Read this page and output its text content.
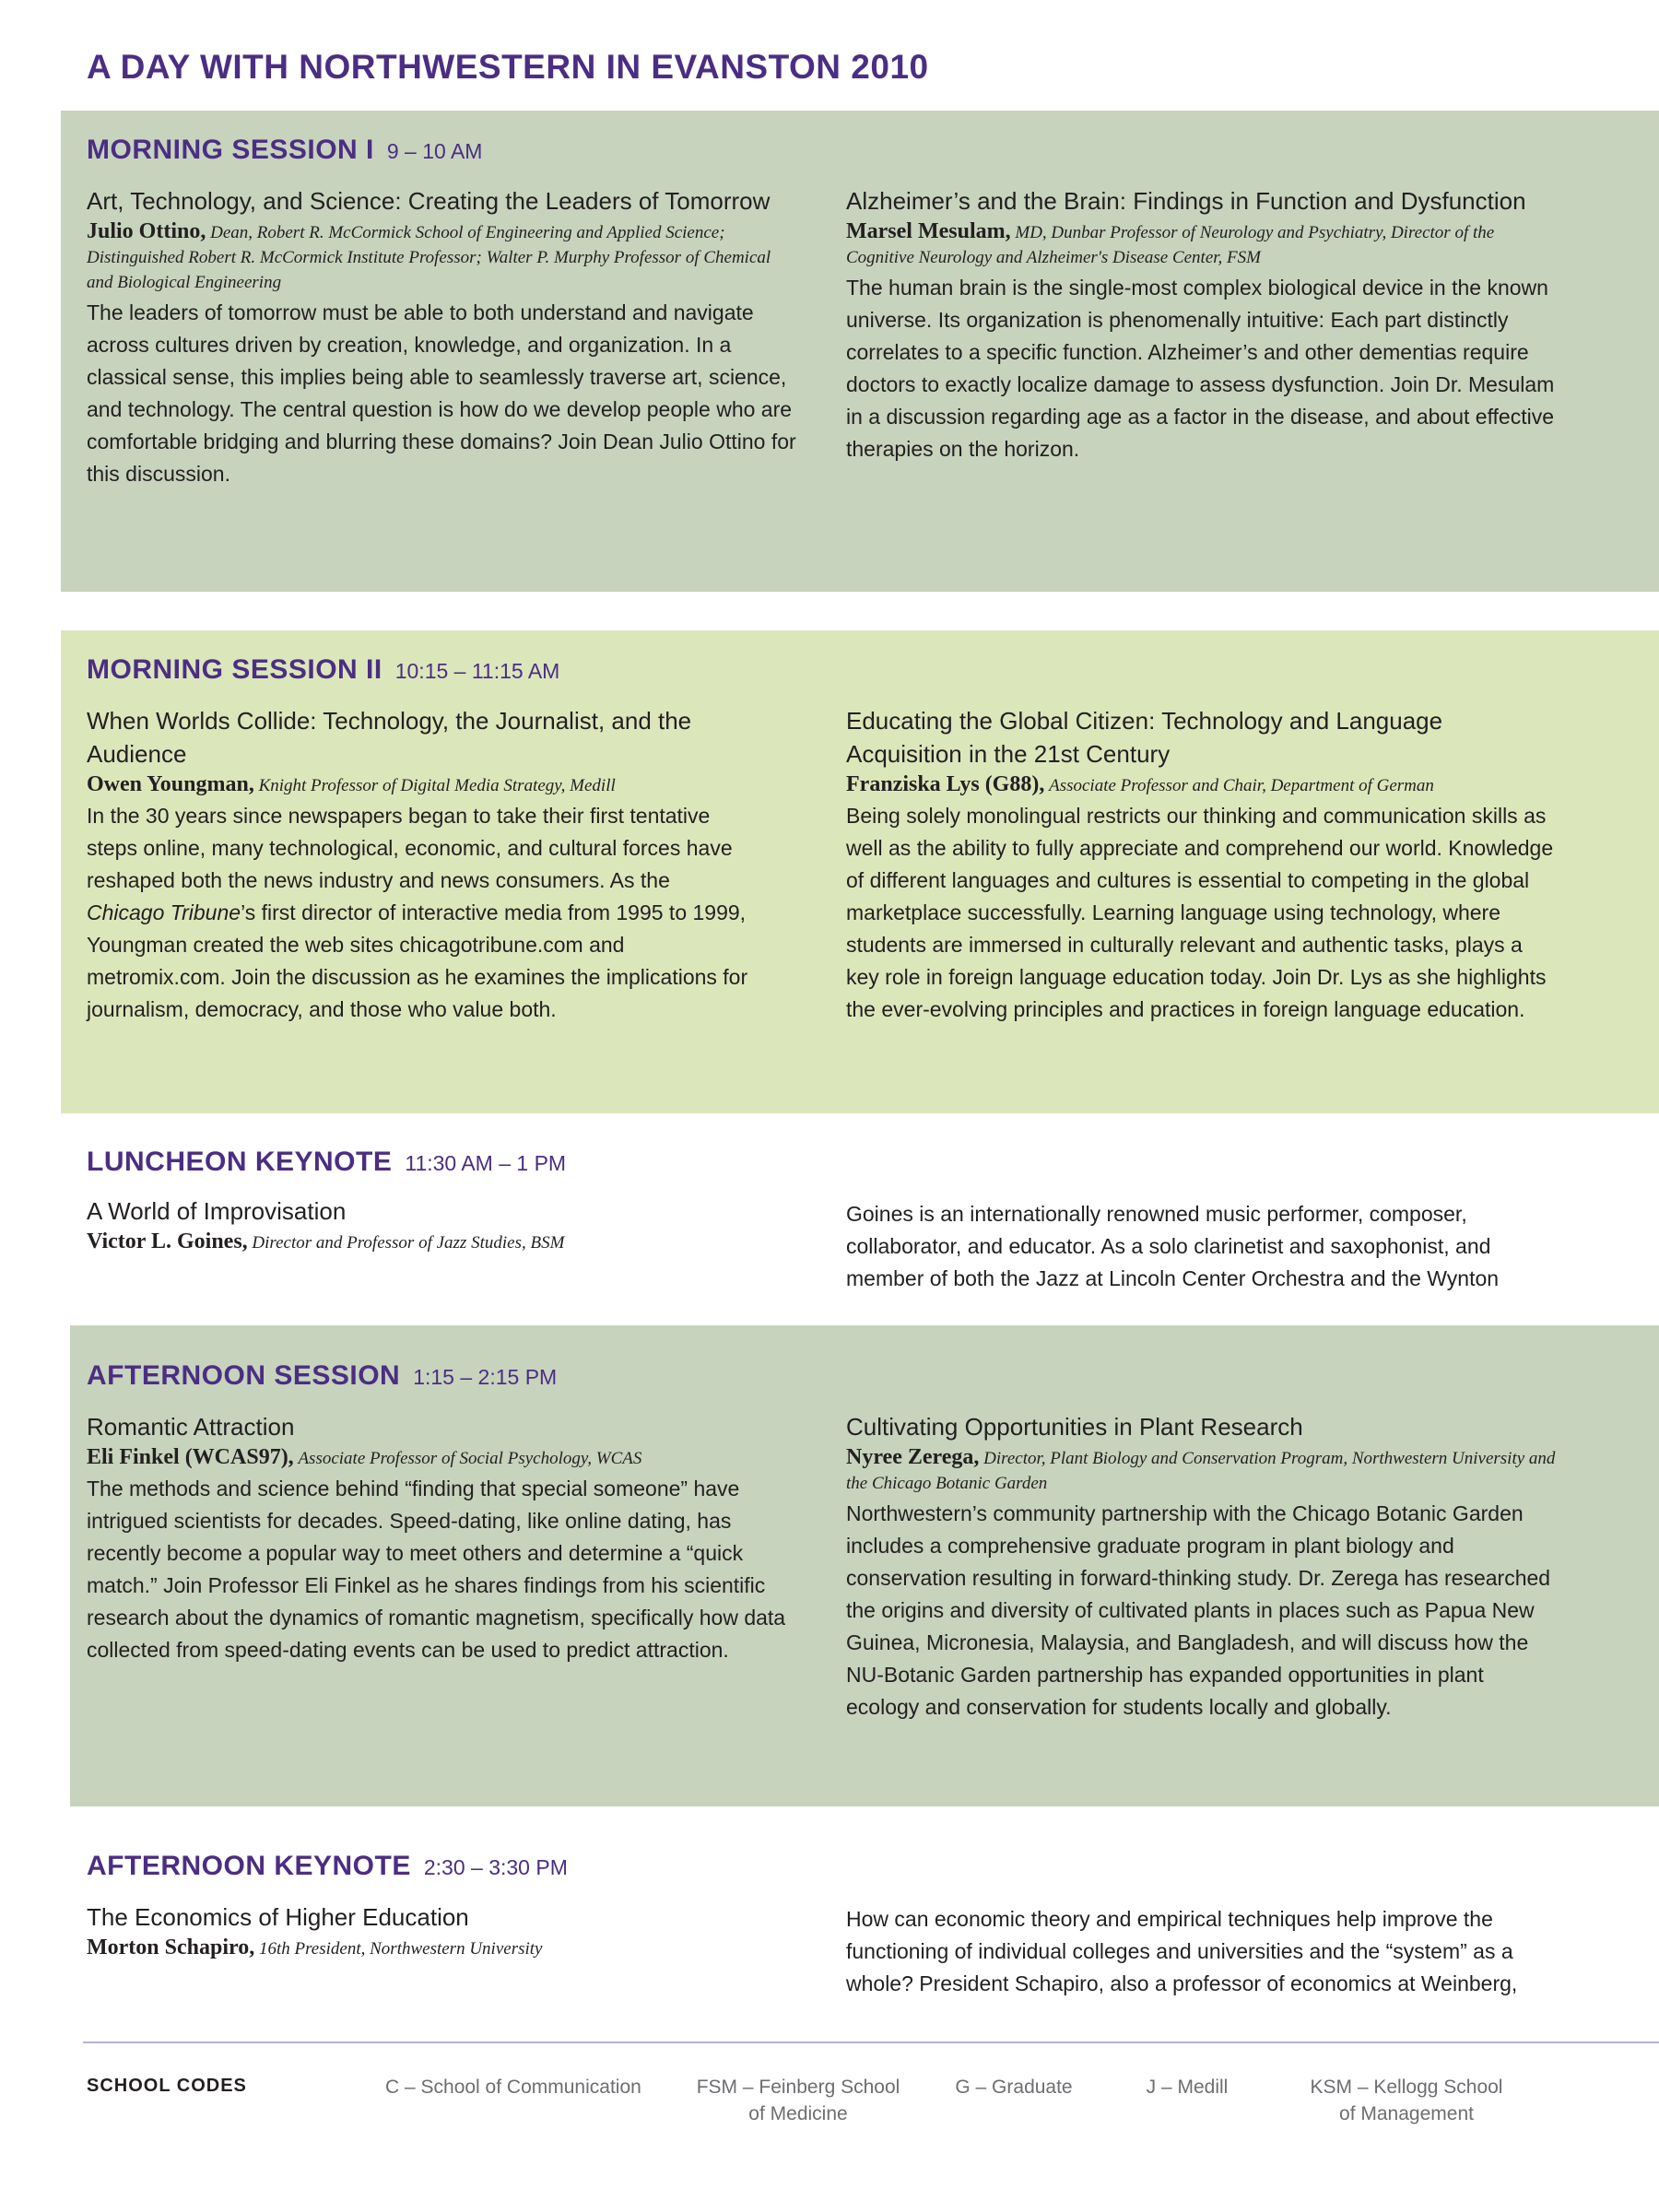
A DAY WITH NORTHWESTERN IN EVANSTON 2010
MORNING SESSION I 9 – 10 AM
Art, Technology, and Science: Creating the Leaders of Tomorrow
Julio Ottino, Dean, Robert R. McCormick School of Engineering and Applied Science; Distinguished Robert R. McCormick Institute Professor; Walter P. Murphy Professor of Chemical and Biological Engineering
The leaders of tomorrow must be able to both understand and navigate across cultures driven by creation, knowledge, and organization. In a classical sense, this implies being able to seamlessly traverse art, science, and technology. The central question is how do we develop people who are comfortable bridging and blurring these domains? Join Dean Julio Ottino for this discussion.
Alzheimer’s and the Brain: Findings in Function and Dysfunction
Marsel Mesulam, MD, Dunbar Professor of Neurology and Psychiatry, Director of the Cognitive Neurology and Alzheimer's Disease Center, FSM
The human brain is the single-most complex biological device in the known universe. Its organization is phenomenally intuitive: Each part distinctly correlates to a specific function. Alzheimer’s and other dementias require doctors to exactly localize damage to assess dysfunction. Join Dr. Mesulam in a discussion regarding age as a factor in the disease, and about effective therapies on the horizon.
MORNING SESSION II 10:15 – 11:15 AM
When Worlds Collide: Technology, the Journalist, and the Audience
Owen Youngman, Knight Professor of Digital Media Strategy, Medill
In the 30 years since newspapers began to take their first tentative steps online, many technological, economic, and cultural forces have reshaped both the news industry and news consumers. As the Chicago Tribune’s first director of interactive media from 1995 to 1999, Youngman created the web sites chicagotribune.com and metromix.com. Join the discussion as he examines the implications for journalism, democracy, and those who value both.
Educating the Global Citizen: Technology and Language Acquisition in the 21st Century
Franziska Lys (G88), Associate Professor and Chair, Department of German
Being solely monolingual restricts our thinking and communication skills as well as the ability to fully appreciate and comprehend our world. Knowledge of different languages and cultures is essential to competing in the global marketplace successfully. Learning language using technology, where students are immersed in culturally relevant and authentic tasks, plays a key role in foreign language education today. Join Dr. Lys as she highlights the ever-evolving principles and practices in foreign language education.
LUNCHEON KEYNOTE 11:30 AM – 1 PM
A World of Improvisation
Victor L. Goines, Director and Professor of Jazz Studies, BSM
Goines is an internationally renowned music performer, composer, collaborator, and educator. As a solo clarinetist and saxophonist, and member of both the Jazz at Lincoln Center Orchestra and the Wynton
AFTERNOON SESSION 1:15 – 2:15 PM
Romantic Attraction
Eli Finkel (WCAS97), Associate Professor of Social Psychology, WCAS
The methods and science behind “finding that special someone” have intrigued scientists for decades. Speed-dating, like online dating, has recently become a popular way to meet others and determine a “quick match.” Join Professor Eli Finkel as he shares findings from his scientific research about the dynamics of romantic magnetism, specifically how data collected from speed-dating events can be used to predict attraction.
Cultivating Opportunities in Plant Research
Nyree Zerega, Director, Plant Biology and Conservation Program, Northwestern University and the Chicago Botanic Garden
Northwestern’s community partnership with the Chicago Botanic Garden includes a comprehensive graduate program in plant biology and conservation resulting in forward-thinking study. Dr. Zerega has researched the origins and diversity of cultivated plants in places such as Papua New Guinea, Micronesia, Malaysia, and Bangladesh, and will discuss how the NU-Botanic Garden partnership has expanded opportunities in plant ecology and conservation for students locally and globally.
AFTERNOON KEYNOTE 2:30 – 3:30 PM
The Economics of Higher Education
Morton Schapiro, 16th President, Northwestern University
How can economic theory and empirical techniques help improve the functioning of individual colleges and universities and the “system” as a whole? President Schapiro, also a professor of economics at Weinberg,
SCHOOL CODES	C – School of Communication	FSM – Feinberg School
of Medicine
G – Graduate	J – Medill	KSM – Kellogg School
of Management
